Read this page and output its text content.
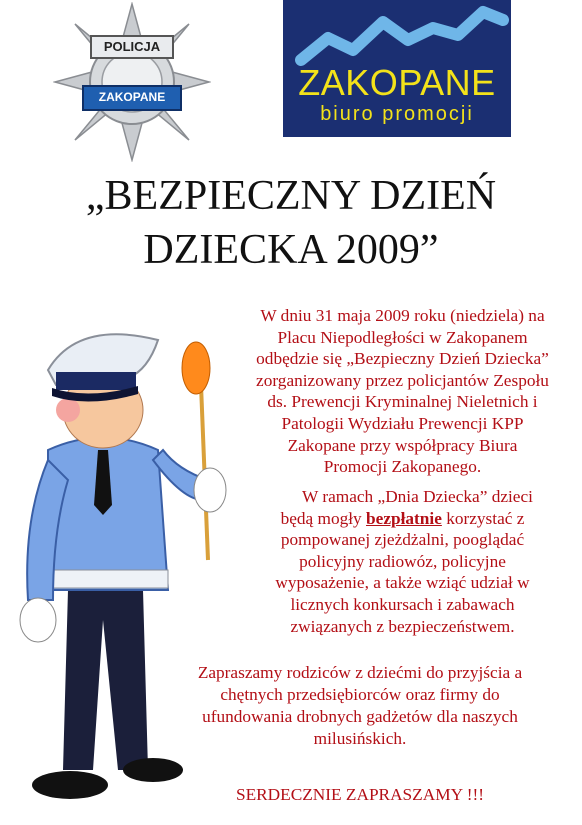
POLICJA
ZAKOPANE	ZAKOPANE
biuro promocji
„BEZPIECZNY DZIEŃ
DZIECKA 2009”
W dniu 31 maja 2009 roku (niedziela) na
Placu Niepodległości w Zakopanem
odbędzie się „Bezpieczny Dzień Dziecka”
zorganizowany przez policjantów Zespołu
ds. Prewencji Kryminalnej Nieletnich i
Patologii Wydziału Prewencji KPP
Zakopane przy współpracy Biura
Promocji Zakopanego.
W ramach „Dnia Dziecka” dzieci
będą mogły bezpłatnie korzystać z
pompowanej zjeżdżalni, pooglądać
policyjny radiowóz, policyjne
wyposażenie, a także wziąć udział w
licznych konkursach i zabawach
związanych z bezpieczeństwem.
Zapraszamy rodziców z dziećmi do przyjścia a
chętnych przedsiębiorców oraz firmy do
ufundowania drobnych gadżetów dla naszych
milusińskich.
SERDECZNIE ZAPRASZAMY !!!
